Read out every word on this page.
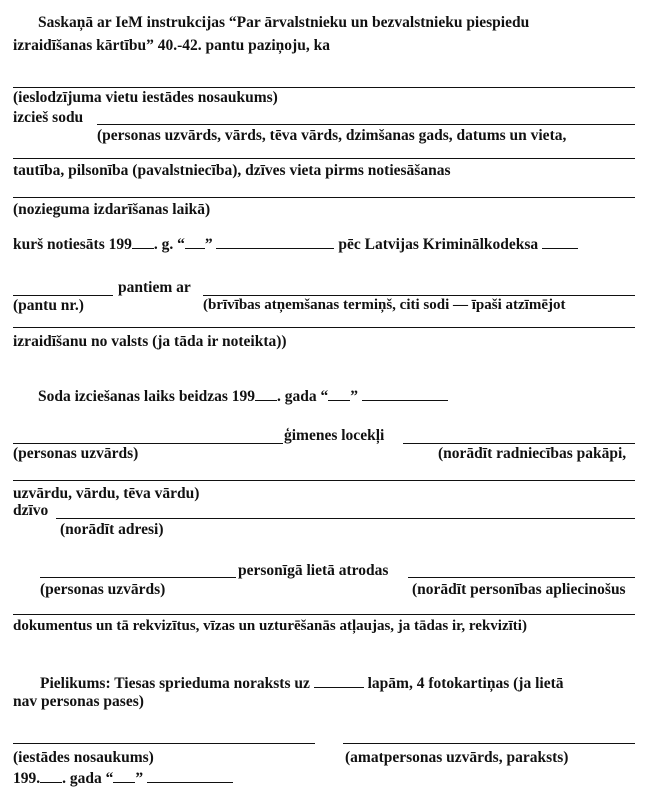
Saskaņā ar IeM instrukcijas “Par ārvalstnieku un bezvalstnieku piespiedu
izraidīšanas kārtību” 40.-42. pantu paziņoju, ka
(ieslodzījuma vietu iestādes nosaukums)
izcieš sodu
(personas uzvārds, vārds, tēva vārds, dzimšanas gads, datums un vieta,
tautība, pilsonība (pavalstniecība), dzīves vieta pirms notiesāšanas
(nozieguma izdarīšanas laikā)
kurš notiesāts 199 . g. “ ”	pēc Latvijas Kriminālkodeksa
pantiem ar
(pantu nr.)	(brīvības atņemšanas termiņš, citi sodi — īpaši atzīmējot
izraidīšanu no valsts (ja tāda ir noteikta))
Soda izciešanas laiks beidzas 199 . gada “ ”
ģimenes locekļi
(personas uzvārds)	(norādīt radniecības pakāpi,
uzvārdu, vārdu, tēva vārdu)
dzīvo
(norādīt adresi)
personīgā lietā atrodas
(personas uzvārds)	(norādīt personības apliecinošus
dokumentus un tā rekvizītus, vīzas un uzturēšanās atļaujas, ja tādas ir, rekvizīti)
Pielikums: Tiesas sprieduma noraksts uz	lapām, 4 fotokartiņas (ja lietā
nav personas pases)
(iestādes nosaukums)	(amatpersonas uzvārds, paraksts)
199. . gada “ ”
